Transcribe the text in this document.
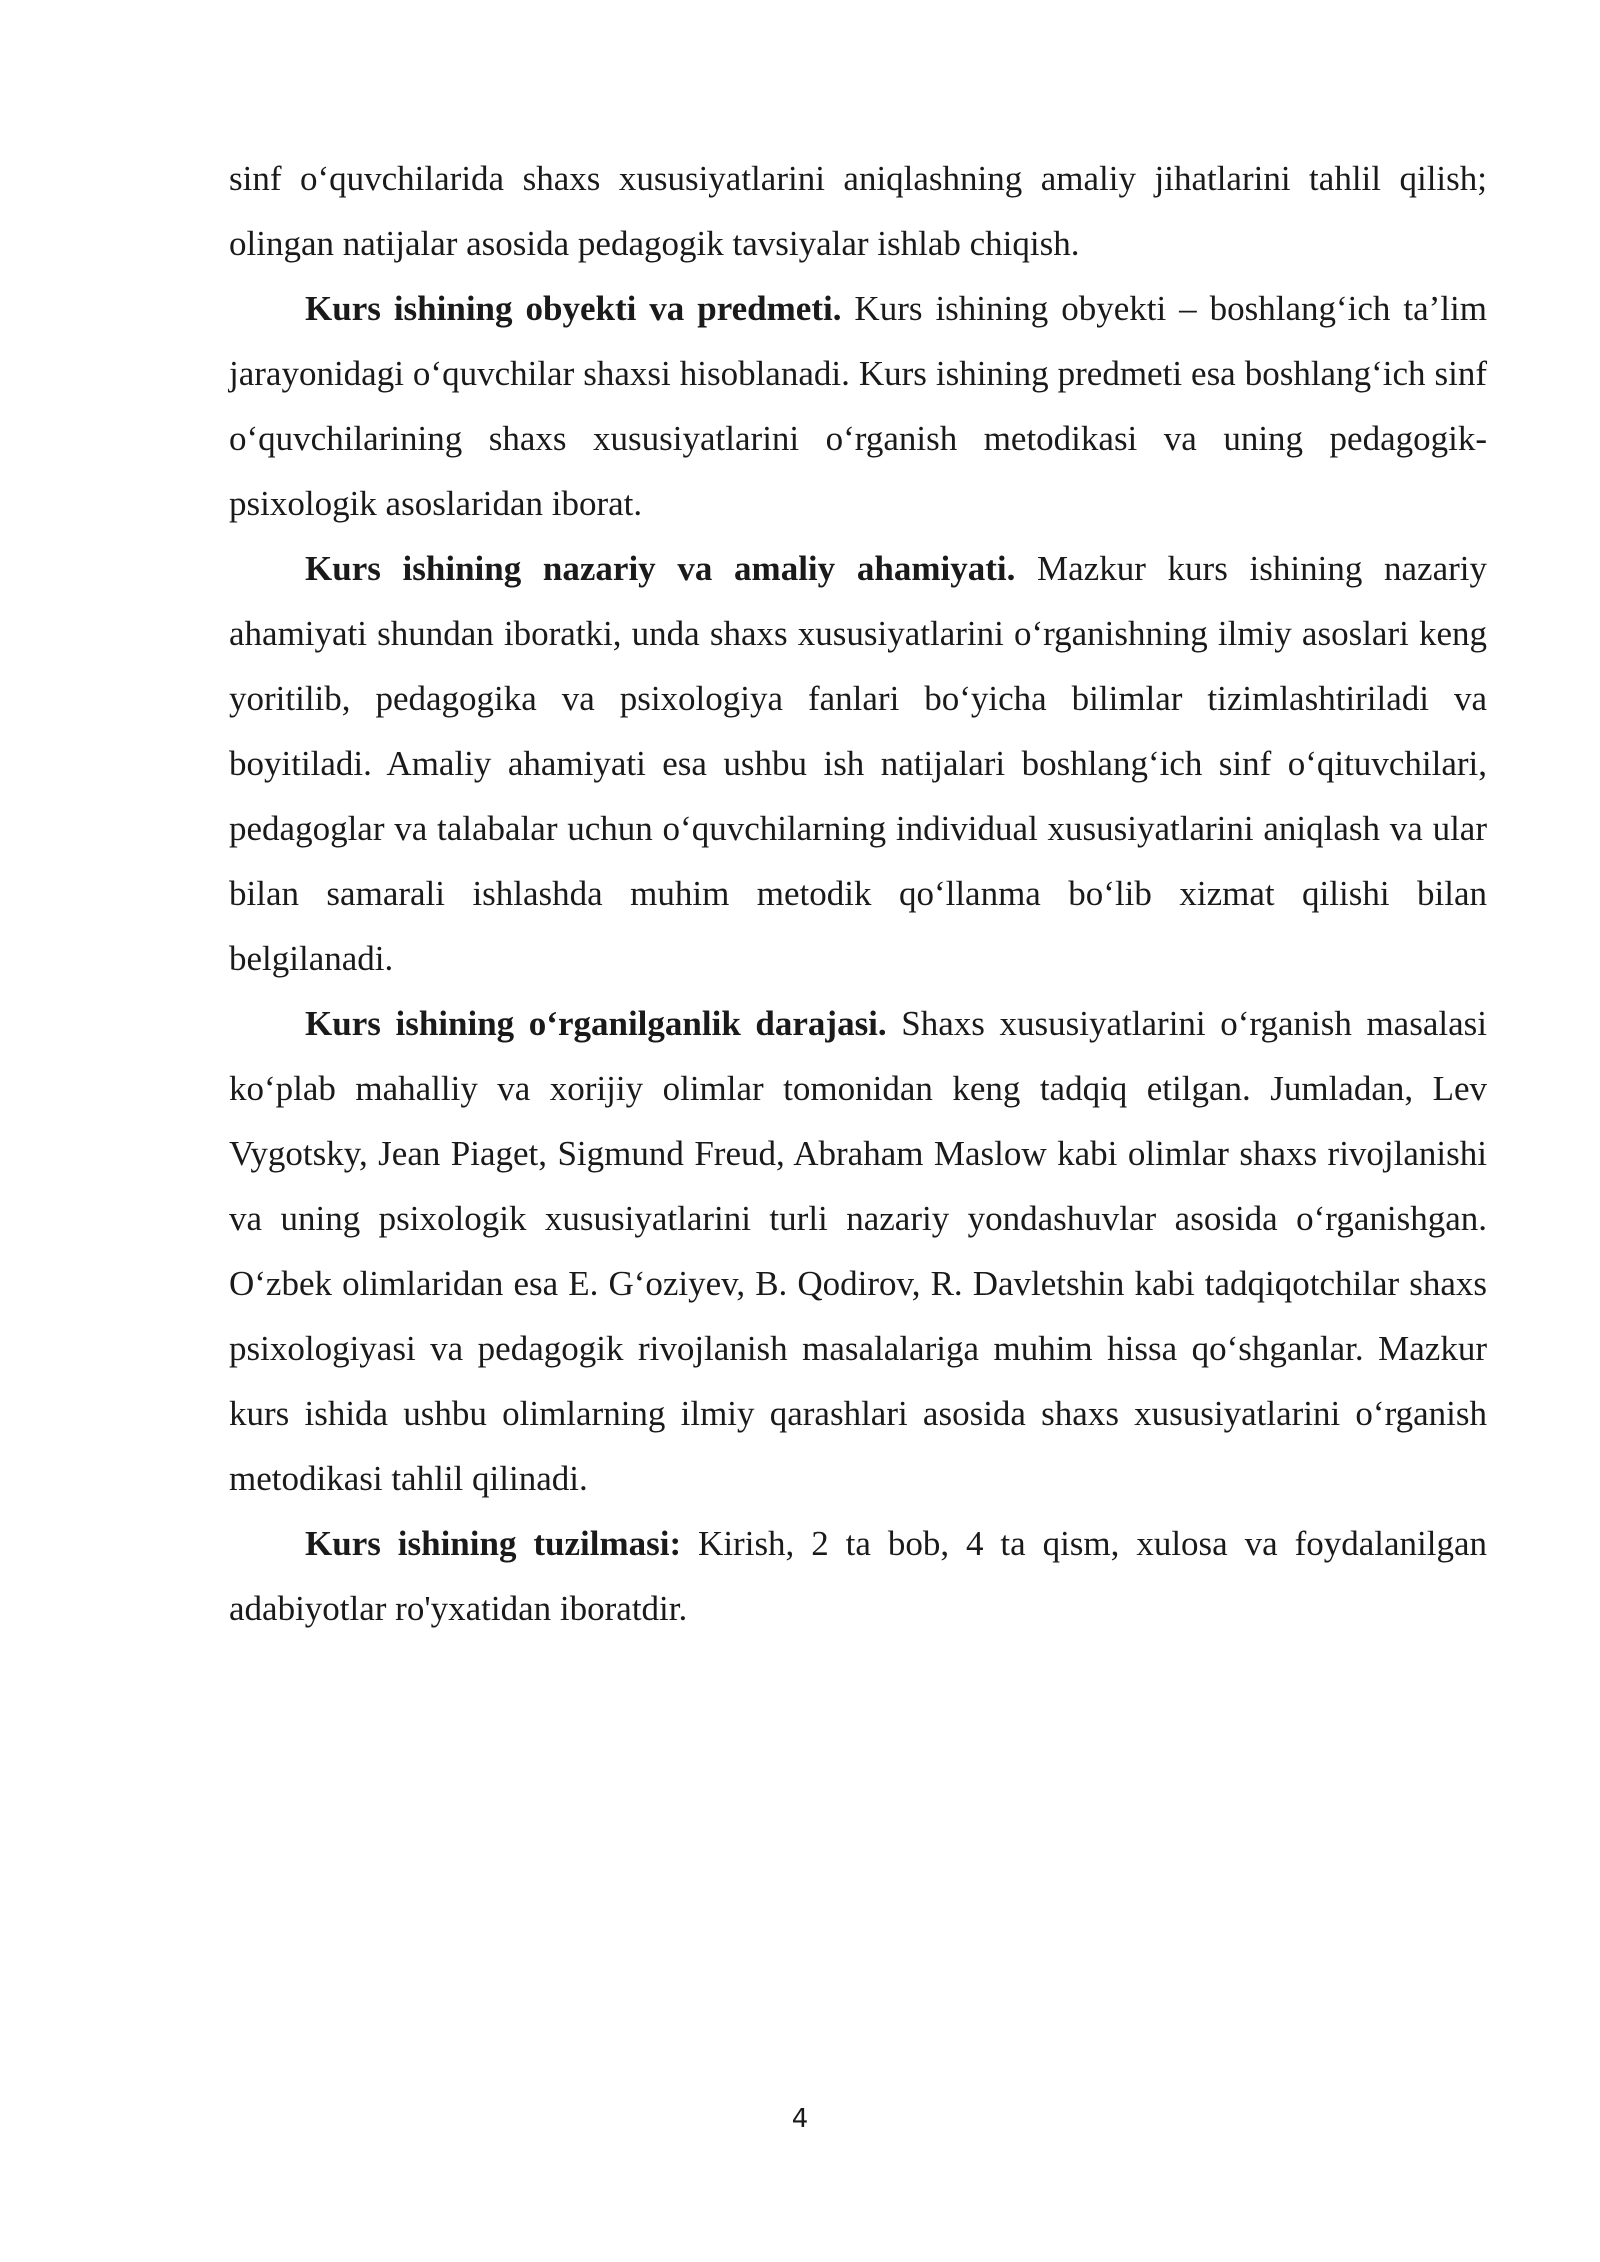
sinf o‘quvchilarida shaxs xususiyatlarini aniqlashning amaliy jihatlarini tahlil qilish; olingan natijalar asosida pedagogik tavsiyalar ishlab chiqish.

Kurs ishining obyekti va predmeti. Kurs ishining obyekti – boshlang‘ich ta’lim jarayonidagi o‘quvchilar shaxsi hisoblanadi. Kurs ishining predmeti esa boshlang‘ich sinf o‘quvchilarining shaxs xususiyatlarini o‘rganish metodikasi va uning pedagogik-psixologik asoslaridan iborat.

Kurs ishining nazariy va amaliy ahamiyati. Mazkur kurs ishining nazariy ahamiyati shundan iboratki, unda shaxs xususiyatlarini o‘rganishning ilmiy asoslari keng yoritilib, pedagogika va psixologiya fanlari bo‘yicha bilimlar tizimlashtiriladi va boyitiladi. Amaliy ahamiyati esa ushbu ish natijalari boshlang‘ich sinf o‘qituvchilari, pedagoglar va talabalar uchun o‘quvchilarning individual xususiyatlarini aniqlash va ular bilan samarali ishlashda muhim metodik qo‘llanma bo‘lib xizmat qilishi bilan belgilanadi.

Kurs ishining o‘rganilganlik darajasi. Shaxs xususiyatlarini o‘rganish masalasi ko‘plab mahalliy va xorijiy olimlar tomonidan keng tadqiq etilgan. Jumladan, Lev Vygotsky, Jean Piaget, Sigmund Freud, Abraham Maslow kabi olimlar shaxs rivojlanishi va uning psixologik xususiyatlarini turli nazariy yondashuvlar asosida o‘rganishgan. O‘zbek olimlaridan esa E. G‘oziyev, B. Qodirov, R. Davletshin kabi tadqiqotchilar shaxs psixologiyasi va pedagogik rivojlanish masalalariga muhim hissa qo‘shganlar. Mazkur kurs ishida ushbu olimlarning ilmiy qarashlari asosida shaxs xususiyatlarini o‘rganish metodikasi tahlil qilinadi.

Kurs ishining tuzilmasi: Kirish, 2 ta bob, 4 ta qism, xulosa va foydalanilgan adabiyotlar ro'yxatidan iboratdir.

4
